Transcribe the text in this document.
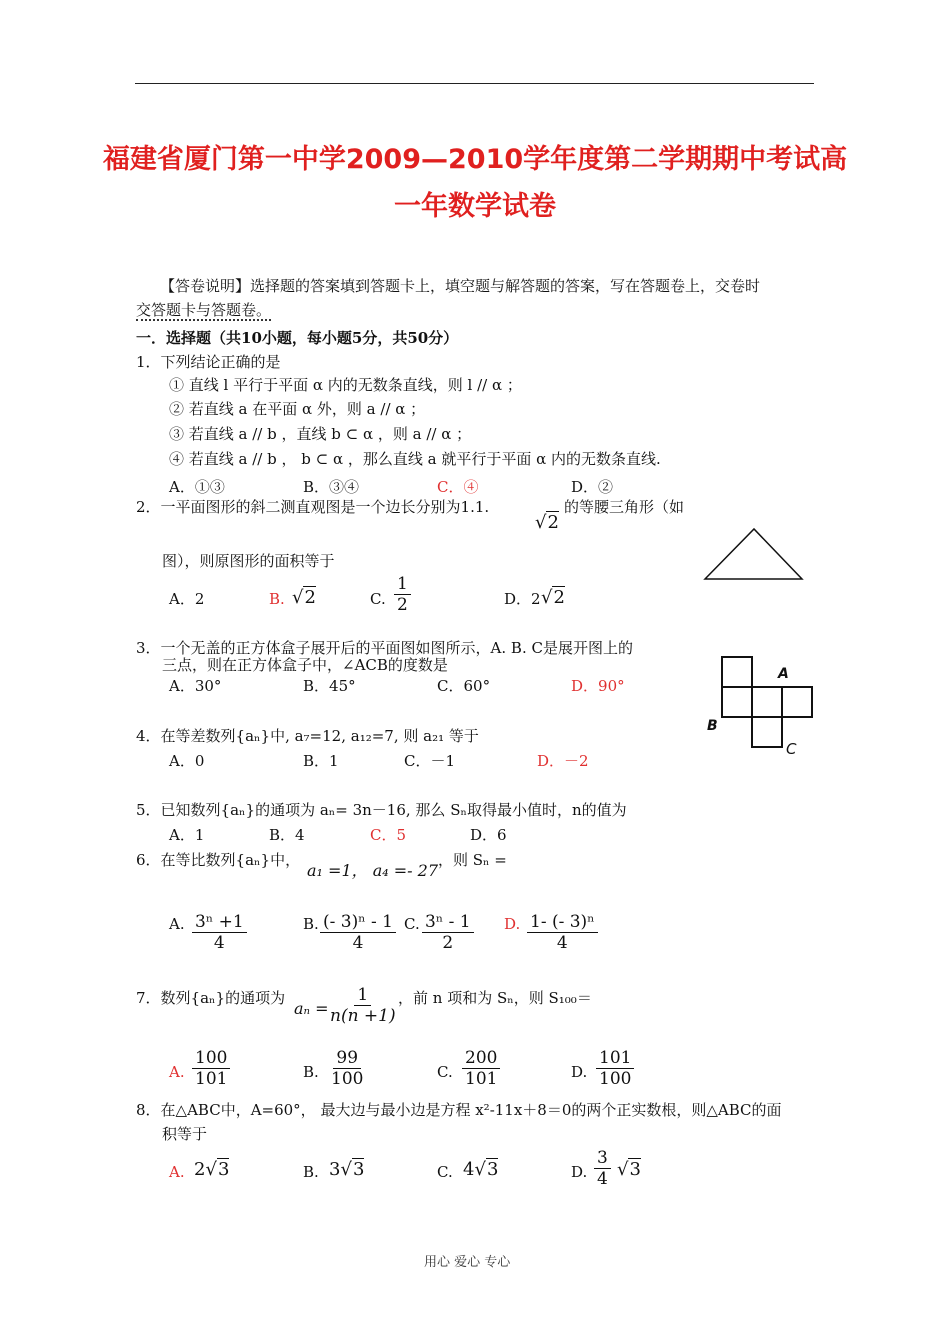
福建省厦门第一中学2009—2010学年度第二学期期中考试高
一年数学试卷
【答卷说明】选择题的答案填到答题卡上，填空题与解答题的答案，写在答题卷上，交卷时
交答题卡与答题卷。
一．选择题（共10小题，每小题5分，共50分）
1．下列结论正确的是
① 直线 l 平行于平面 α 内的无数条直线，则 l // α ；
② 若直线 a 在平面 α 外，则 a // α ；
③ 若直线 a // b ，直线 b ⊂ α ，则 a // α ；
④ 若直线 a // b ， b ⊂ α ，那么直线 a 就平行于平面 α 内的无数条直线.
A．①③	B．③④	C．④	D．②
2．一平面图形的斜二测直观图是一个边长分别为1.1.
√2
的等腰三角形（如
图），则原图形的面积等于
A．2	B. √2	C. $\frac{1}{2}$	D．2 √2
3．一个无盖的正方体盒子展开后的平面图如图所示，A. B. C是展开图上的
三点，则在正方体盒子中，∠ACB的度数是
A．30°	B．45°	C．60°	D．90°
A
B
C
4．在等差数列{aₙ}中, a₇=12, a₁₂=7, 则 a₂₁ 等于
A．0	B．1	C．－1	D．－2
5．已知数列{aₙ}的通项为 aₙ= 3n－16, 那么 Sₙ取得最小值时，n的值为
A．1	B．4	C．5	D．6
6．在等比数列{aₙ}中，
a₁ =1， a₄ =- 27
，则 Sₙ =
A. $\frac{\text{3ⁿ +1}}{4}$	B. $\frac{\text{(- 3)ⁿ - 1}}{4} C$. $\frac{\text{3ⁿ - 1}}{2} D$. $\frac{\text{1- (- 3)ⁿ}}{4}$
7．数列{aₙ}的通项为
aₙ =
$\frac{1}{n(n +1)}$ ，前 n 项和为 Sₙ，则 S₁₀₀＝
A. $\frac{100}{101}$	B. $\frac{99}{100}$	C. $\frac{200}{101}$	D. $\frac{101}{100}$
8．在△ABC中，A=60°， 最大边与最小边是方程 x²-11x＋8＝0的两个正实数根，则△ABC的面
积等于
A. 2√3	B. 3√3	C. 4√3	D. $\frac{3}{4} √3$
用心 爱心 专心
